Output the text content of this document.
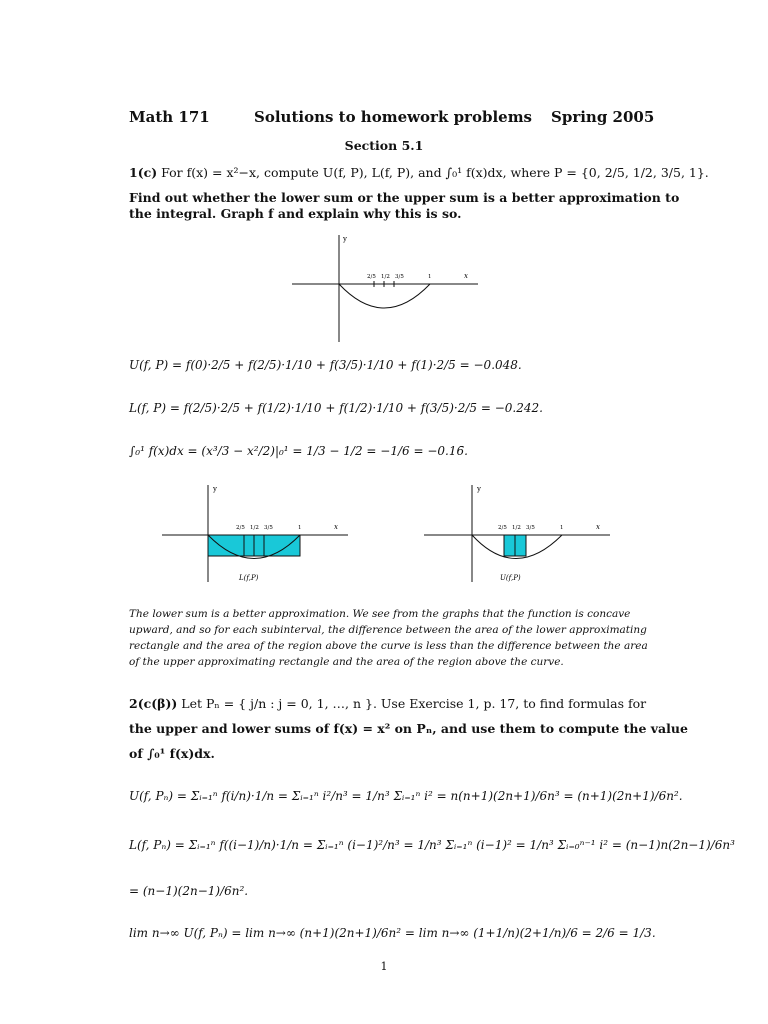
Math 171	Solutions to homework problems Spring 2005
Section 5.1
1(c) For f(x) = x²−x, compute U(f, P), L(f, P), and ∫₀¹ f(x)dx, where P = {0, 2/5, 1/2, 3/5, 1}.
Find out whether the lower sum or the upper sum is a better approximation to
the integral. Graph f and explain why this is so.
y
x
2/5 1/2 3/5	1
U(f, P) = f(0)·2/5 + f(2/5)·1/10 + f(3/5)·1/10 + f(1)·2/5 = −0.048.
L(f, P) = f(2/5)·2/5 + f(1/2)·1/10 + f(1/2)·1/10 + f(3/5)·2/5 = −0.242.
∫₀¹ f(x)dx = (x³/3 − x²/2)|₀¹ = 1/3 − 1/2 = −1/6 = −0.16̄.
y
x
2/5 1/2 3/5	1
L(f,P)
y
x
2/5 1/2 3/5	1
U(f,P)
The lower sum is a better approximation. We see from the graphs that the function is concave
upward, and so for each subinterval, the difference between the area of the lower approximating
rectangle and the area of the region above the curve is less than the difference between the area
of the upper approximating rectangle and the area of the region above the curve.
2(c(β)) Let Pₙ = { j/n : j = 0, 1, …, n }. Use Exercise 1, p. 17, to find formulas for
the upper and lower sums of f(x) = x² on Pₙ, and use them to compute the value
of ∫₀¹ f(x)dx.
U(f, Pₙ) = Σᵢ₌₁ⁿ f(i/n)·1/n = Σᵢ₌₁ⁿ i²/n³ = 1/n³ Σᵢ₌₁ⁿ i² = n(n+1)(2n+1)/6n³ = (n+1)(2n+1)/6n².
L(f, Pₙ) = Σᵢ₌₁ⁿ f((i−1)/n)·1/n = Σᵢ₌₁ⁿ (i−1)²/n³ = 1/n³ Σᵢ₌₁ⁿ (i−1)² = 1/n³ Σᵢ₌₀ⁿ⁻¹ i² = (n−1)n(2n−1)/6n³
= (n−1)(2n−1)/6n².
lim n→∞ U(f, Pₙ) = lim n→∞ (n+1)(2n+1)/6n² = lim n→∞ (1+1/n)(2+1/n)/6 = 2/6 = 1/3.
1
